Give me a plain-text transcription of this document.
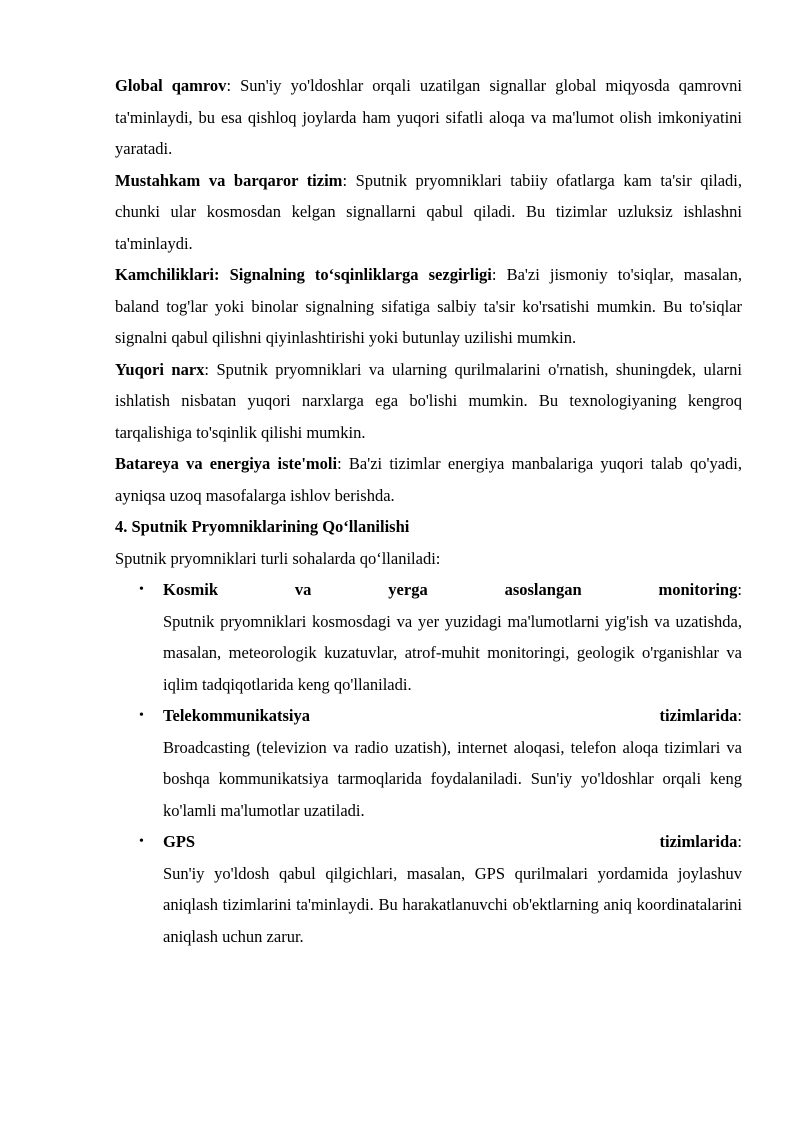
Global qamrov: Sun'iy yo'ldoshlar orqali uzatilgan signallar global miqyosda qamrovni ta'minlaydi, bu esa qishloq joylarda ham yuqori sifatli aloqa va ma'lumot olish imkoniyatini yaratadi.

Mustahkam va barqaror tizim: Sputnik pryomniklari tabiiy ofatlarga kam ta'sir qiladi, chunki ular kosmosdan kelgan signallarni qabul qiladi. Bu tizimlar uzluksiz ishlashni ta'minlaydi.

Kamchiliklari: Signalning to‘sqinliklarga sezgirligi: Ba'zi jismoniy to'siqlar, masalan, baland tog'lar yoki binolar signalning sifatiga salbiy ta'sir ko'rsatishi mumkin. Bu to'siqlar signalni qabul qilishni qiyinlashtirishi yoki butunlay uzilishi mumkin.

Yuqori narx: Sputnik pryomniklari va ularning qurilmalarini o'rnatish, shuningdek, ularni ishlatish nisbatan yuqori narxlarga ega bo'lishi mumkin. Bu texnologiyaning kengroq tarqalishiga to'sqinlik qilishi mumkin.

Batareya va energiya iste'moli: Ba'zi tizimlar energiya manbalariga yuqori talab qo'yadi, ayniqsa uzoq masofalarga ishlov berishda.

4. Sputnik Pryomniklarining Qo‘llanilishi

Sputnik pryomniklari turli sohalarda qo‘llaniladi:

• Kosmik	va	yerga	asoslangan	monitoring:
Sputnik pryomniklari kosmosdagi va yer yuzidagi ma'lumotlarni yig'ish va uzatishda, masalan, meteorologik kuzatuvlar, atrof-muhit monitoringi, geologik o'rganishlar va iqlim tadqiqotlarida keng qo'llaniladi.
• Telekommunikatsiya	tizimlarida:
Broadcasting (televizion va radio uzatish), internet aloqasi, telefon aloqa tizimlari va boshqa kommunikatsiya tarmoqlarida foydalaniladi. Sun'iy yo'ldoshlar orqali keng ko'lamli ma'lumotlar uzatiladi.
• GPS	tizimlarida:
Sun'iy yo'ldosh qabul qilgichlari, masalan, GPS qurilmalari yordamida joylashuv aniqlash tizimlarini ta'minlaydi. Bu harakatlanuvchi ob'ektlarning aniq koordinatalarini aniqlash uchun zarur.
